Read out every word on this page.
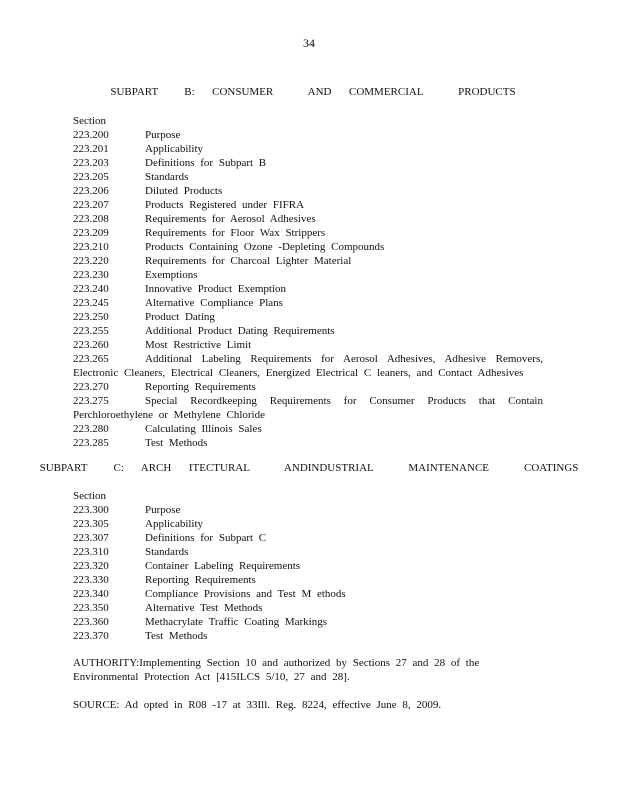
34
SUBPART   B:  CONSUMER    AND  COMMERCIAL    PRODUCTS
Section
223.200	Purpose
223.201	Applicability
223.203	Definitions for Subpart B
223.205	Standards
223.206	Diluted Products
223.207	Products Registered under FIFRA
223.208	Requirements for Aerosol Adhesives
223.209	Requirements for Floor Wax Strippers
223.210	Products Containing Ozone -Depleting Compounds
223.220	Requirements for Charcoal Lighter Material
223.230	Exemptions
223.240	Innovative Product Exemption
223.245	Alternative Compliance Plans
223.250	Product Dating
223.255	Additional Product Dating Requirements
223.260	Most Restrictive Limit
223.265	Additional Labeling Requirements for Aerosol Adhesives, Adhesive Removers, Electronic Cleaners, Electrical Cleaners, Energized Electrical C leaners, and Contact Adhesives
223.270	Reporting Requirements
223.275	Special Recordkeeping Requirements for Consumer Products that Contain Perchloroethylene or Methylene Chloride
223.280	Calculating Illinois Sales
223.285	Test Methods
SUBPART   C:  ARCH  ITECTURAL    ANDINDUSTRIAL    MAINTENANCE    COATINGS
Section
223.300	Purpose
223.305	Applicability
223.307	Definitions for Subpart C
223.310	Standards
223.320	Container Labeling Requirements
223.330	Reporting Requirements
223.340	Compliance Provisions and Test M ethods
223.350	Alternative Test Methods
223.360	Methacrylate Traffic Coating Markings
223.370	Test Methods
AUTHORITY:Implementing Section 10 and authorized by Sections 27 and 28 of the Environmental Protection Act [415ILCS 5/10, 27 and 28].
SOURCE: Ad opted in R08 -17 at 33Ill. Reg. 8224, effective June 8, 2009.
